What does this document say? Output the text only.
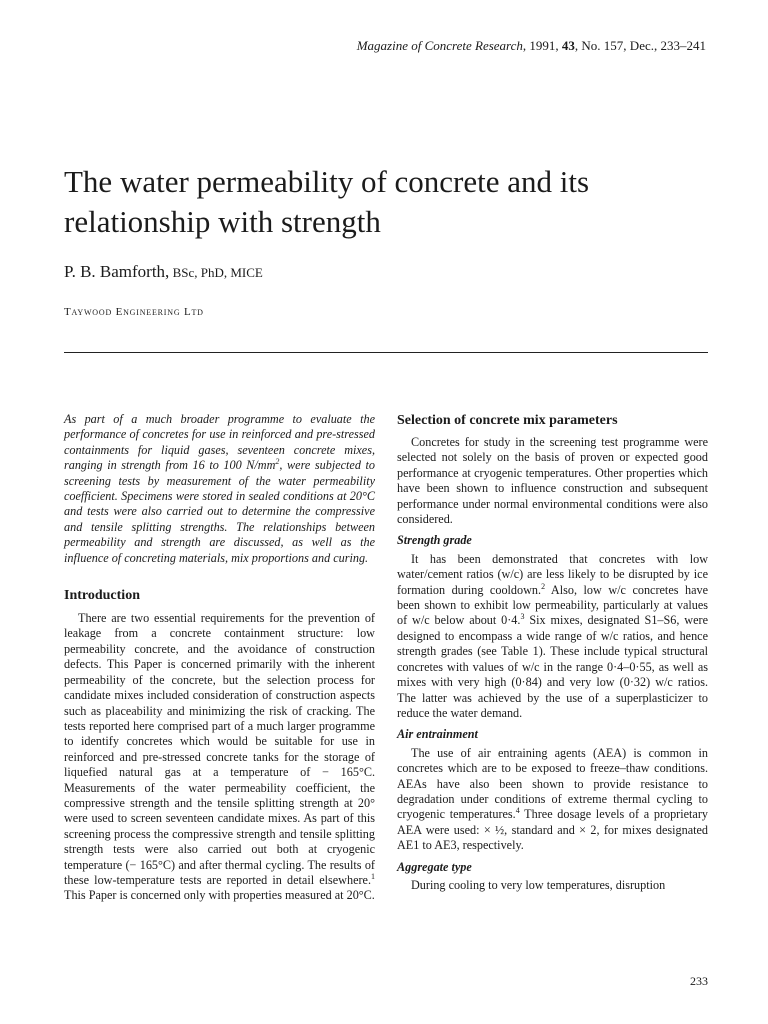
Magazine of Concrete Research, 1991, 43, No. 157, Dec., 233–241
The water permeability of concrete and its relationship with strength
P. B. Bamforth, BSc, PhD, MICE
Taywood Engineering Ltd

As part of a much broader programme to evaluate the performance of concretes for use in reinforced and pre-stressed containments for liquid gases, seventeen concrete mixes, ranging in strength from 16 to 100 $N/mm^2$, were subjected to screening tests by measurement of the water permeability coefficient. Specimens were stored in sealed conditions at 20°C and tests were also carried out to determine the compressive and tensile splitting strengths. The relationships between permeability and strength are discussed, as well as the influence of concreting materials, mix proportions and curing.

Introduction

There are two essential requirements for the prevention of leakage from a concrete containment structure: low permeability concrete, and the avoidance of construction defects. This Paper is concerned primarily with the inherent permeability of the concrete, but the selection process for candidate mixes included consideration of construction aspects such as placeability and minimizing the risk of cracking. The tests reported here comprised part of a much larger programme to identify concretes which would be suitable for use in reinforced and pre-stressed concrete tanks for the storage of liquefied natural gas at a temperature of − 165°C. Measurements of the water permeability coefficient, the compressive strength and the tensile splitting strength at 20° were used to screen seventeen candidate mixes. As part of this screening process the compressive strength and tensile splitting strength tests were also carried out both at cryogenic temperature (− 165°C) and after thermal cycling. The results of these low-temperature tests are reported in detail elsewhere.$^1$ This Paper is concerned only with properties measured at 20°C.

Selection of concrete mix parameters

Concretes for study in the screening test programme were selected not solely on the basis of proven or expected good performance at cryogenic temperatures. Other properties which have been shown to influence construction and subsequent performance under normal environmental conditions were also considered.

Strength grade

It has been demonstrated that concretes with low water/cement ratios (w/c) are less likely to be disrupted by ice formation during cooldown.$^2$ Also, low w/c concretes have been shown to exhibit low permeability, particularly at values of w/c below about 0·4.$^3$ Six mixes, designated S1–S6, were designed to encompass a wide range of w/c ratios, and hence strength grades (see Table 1). These include typical structural concretes with values of w/c in the range 0·4–0·55, as well as mixes with very high (0·84) and very low (0·32) w/c ratios. The latter was achieved by the use of a superplasticizer to reduce the water demand.

Air entrainment

The use of air entraining agents (AEA) is common in concretes which are to be exposed to freeze–thaw conditions. AEAs have also been shown to provide resistance to degradation under conditions of extreme thermal cycling to cryogenic temperatures.$^4$ Three dosage levels of a proprietary AEA were used: × ½, standard and × 2, for mixes designated AE1 to AE3, respectively.

Aggregate type

During cooling to very low temperatures, disruption

233
